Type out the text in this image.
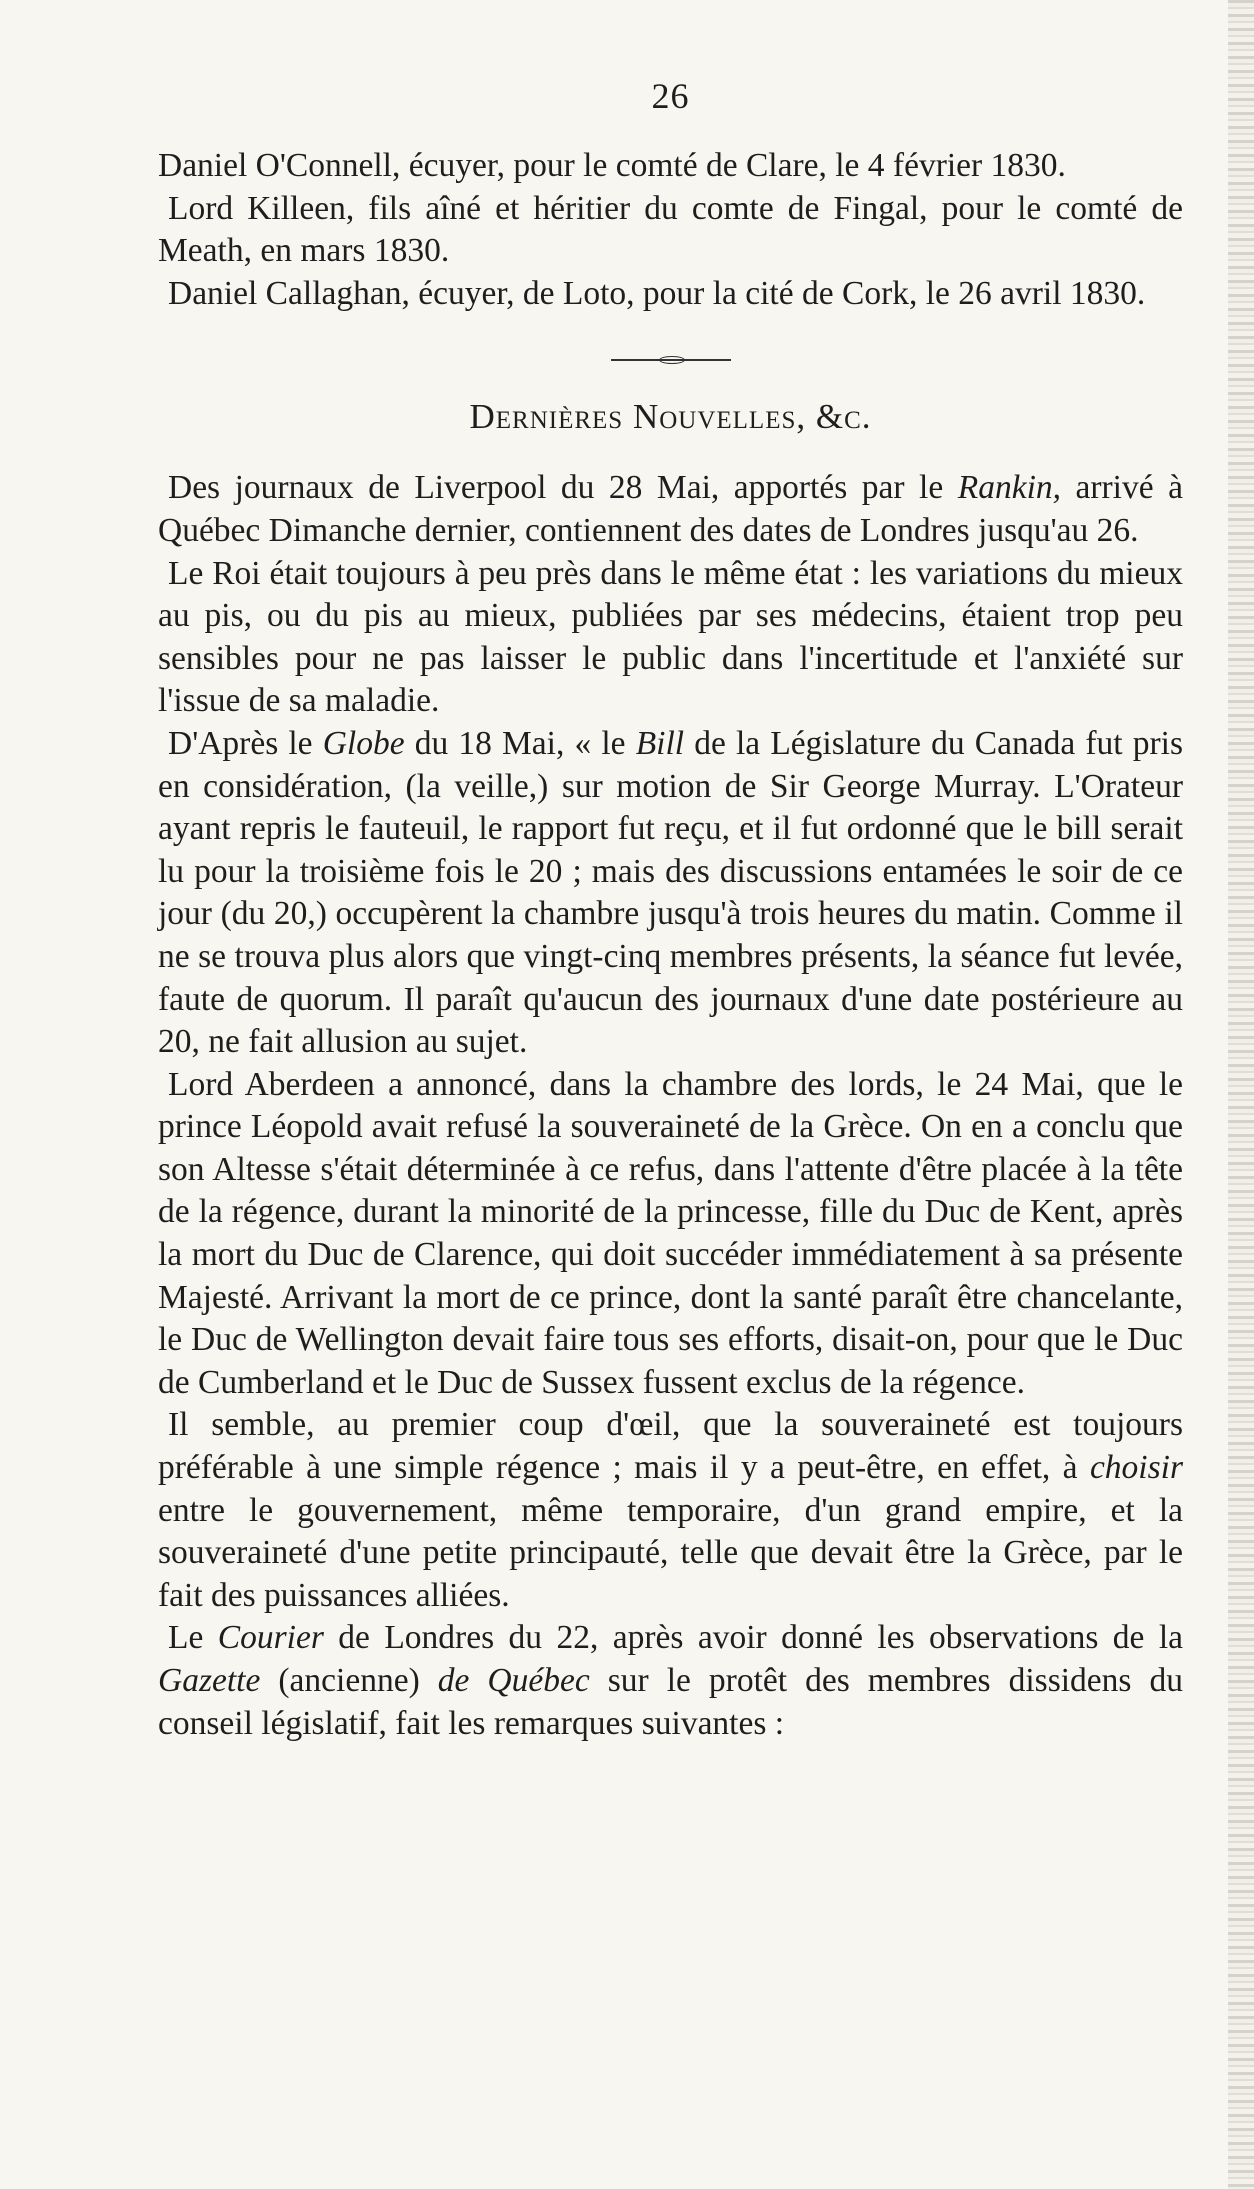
26

Daniel O'Connell, écuyer, pour le comté de Clare, le 4 février 1830.

Lord Killeen, fils aîné et héritier du comte de Fingal, pour le comté de Meath, en mars 1830.

Daniel Callaghan, écuyer, de Loto, pour la cité de Cork, le 26 avril 1830.

Dernières Nouvelles, &c.

Des journaux de Liverpool du 28 Mai, apportés par le Rankin, arrivé à Québec Dimanche dernier, contiennent des dates de Londres jusqu'au 26.

Le Roi était toujours à peu près dans le même état : les variations du mieux au pis, ou du pis au mieux, publiées par ses médecins, étaient trop peu sensibles pour ne pas laisser le public dans l'incertitude et l'anxiété sur l'issue de sa maladie.

D'Après le Globe du 18 Mai, « le Bill de la Législature du Canada fut pris en considération, (la veille,) sur motion de Sir George Murray. L'Orateur ayant repris le fauteuil, le rapport fut reçu, et il fut ordonné que le bill serait lu pour la troisième fois le 20 ; mais des discussions entamées le soir de ce jour (du 20,) occupèrent la chambre jusqu'à trois heures du matin. Comme il ne se trouva plus alors que vingt-cinq membres présents, la séance fut levée, faute de quorum. Il paraît qu'aucun des journaux d'une date postérieure au 20, ne fait allusion au sujet.

Lord Aberdeen a annoncé, dans la chambre des lords, le 24 Mai, que le prince Léopold avait refusé la souveraineté de la Grèce. On en a conclu que son Altesse s'était déterminée à ce refus, dans l'attente d'être placée à la tête de la régence, durant la minorité de la princesse, fille du Duc de Kent, après la mort du Duc de Clarence, qui doit succéder immédiatement à sa présente Majesté. Arrivant la mort de ce prince, dont la santé paraît être chancelante, le Duc de Wellington devait faire tous ses efforts, disait-on, pour que le Duc de Cumberland et le Duc de Sussex fussent exclus de la régence.

Il semble, au premier coup d'œil, que la souveraineté est toujours préférable à une simple régence ; mais il y a peut-être, en effet, à choisir entre le gouvernement, même temporaire, d'un grand empire, et la souveraineté d'une petite principauté, telle que devait être la Grèce, par le fait des puissances alliées.

Le Courier de Londres du 22, après avoir donné les observations de la Gazette (ancienne) de Québec sur le protêt des membres dissidens du conseil législatif, fait les remarques suivantes :
